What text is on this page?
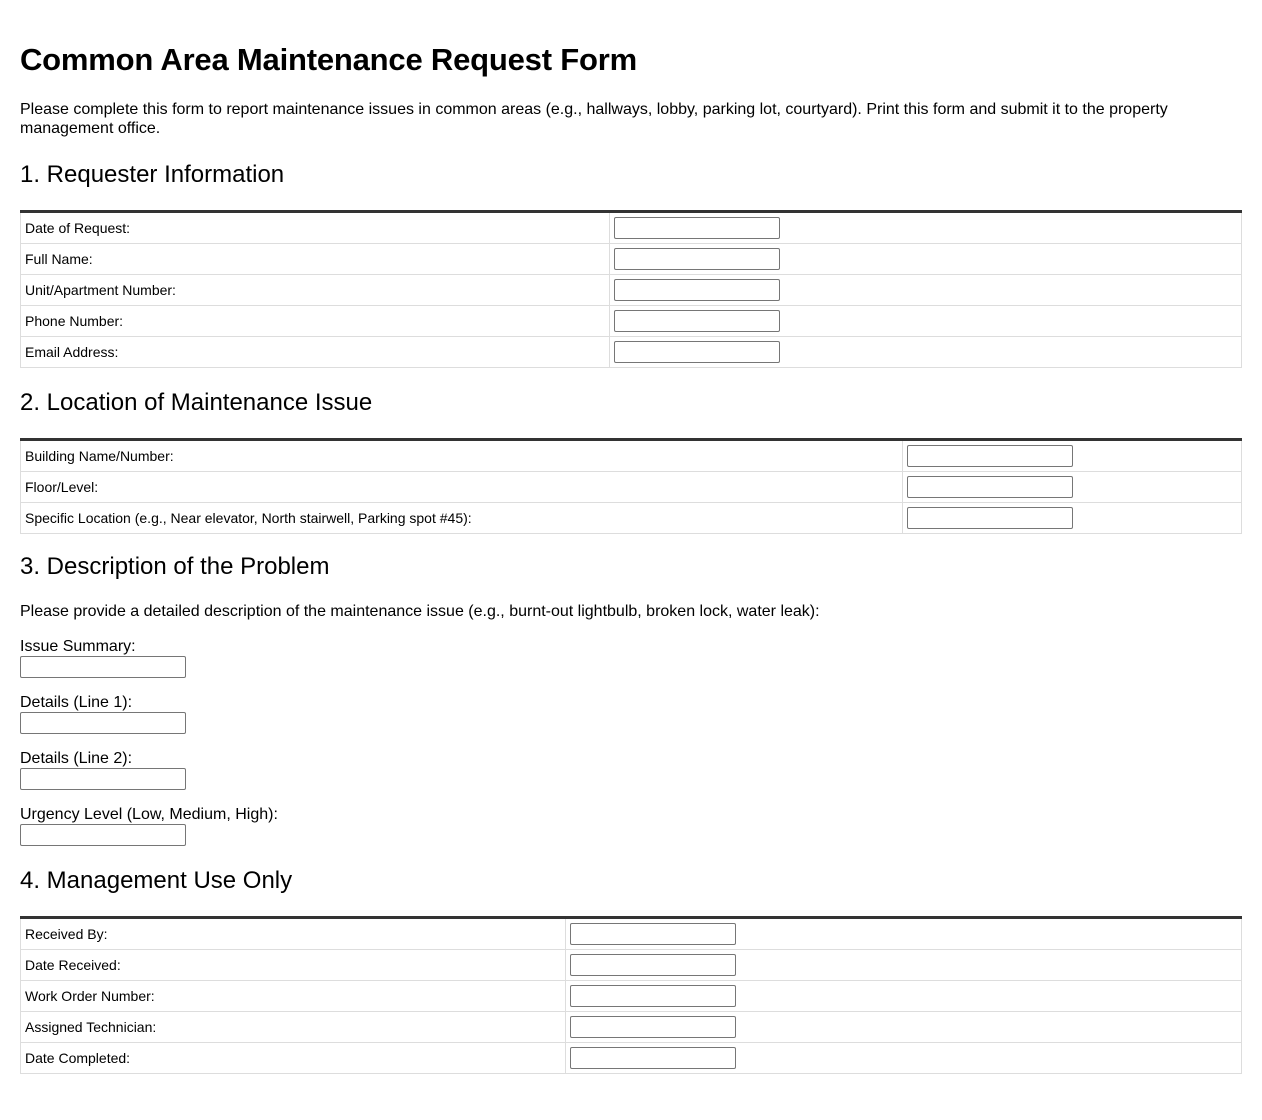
Common Area Maintenance Request Form

Please complete this form to report maintenance issues in common areas (e.g., hallways, lobby, parking lot, courtyard). Print this form and submit it to the property management office.

1. Requester Information
Date of Request:	

Full Name:	

Unit/Apartment Number:	

Phone Number:	

Email Address:	
2. Location of Maintenance Issue
Building Name/Number:	

Floor/Level:	

Specific Location (e.g., Near elevator, North stairwell, Parking spot #45):	
3. Description of the Problem

Please provide a detailed description of the maintenance issue (e.g., burnt-out lightbulb, broken lock, water leak):

Issue Summary:
Details (Line 1):
Details (Line 2):
Urgency Level (Low, Medium, High):
4. Management Use Only
Received By:	

Date Received:	

Work Order Number:	

Assigned Technician:	

Date Completed:	
